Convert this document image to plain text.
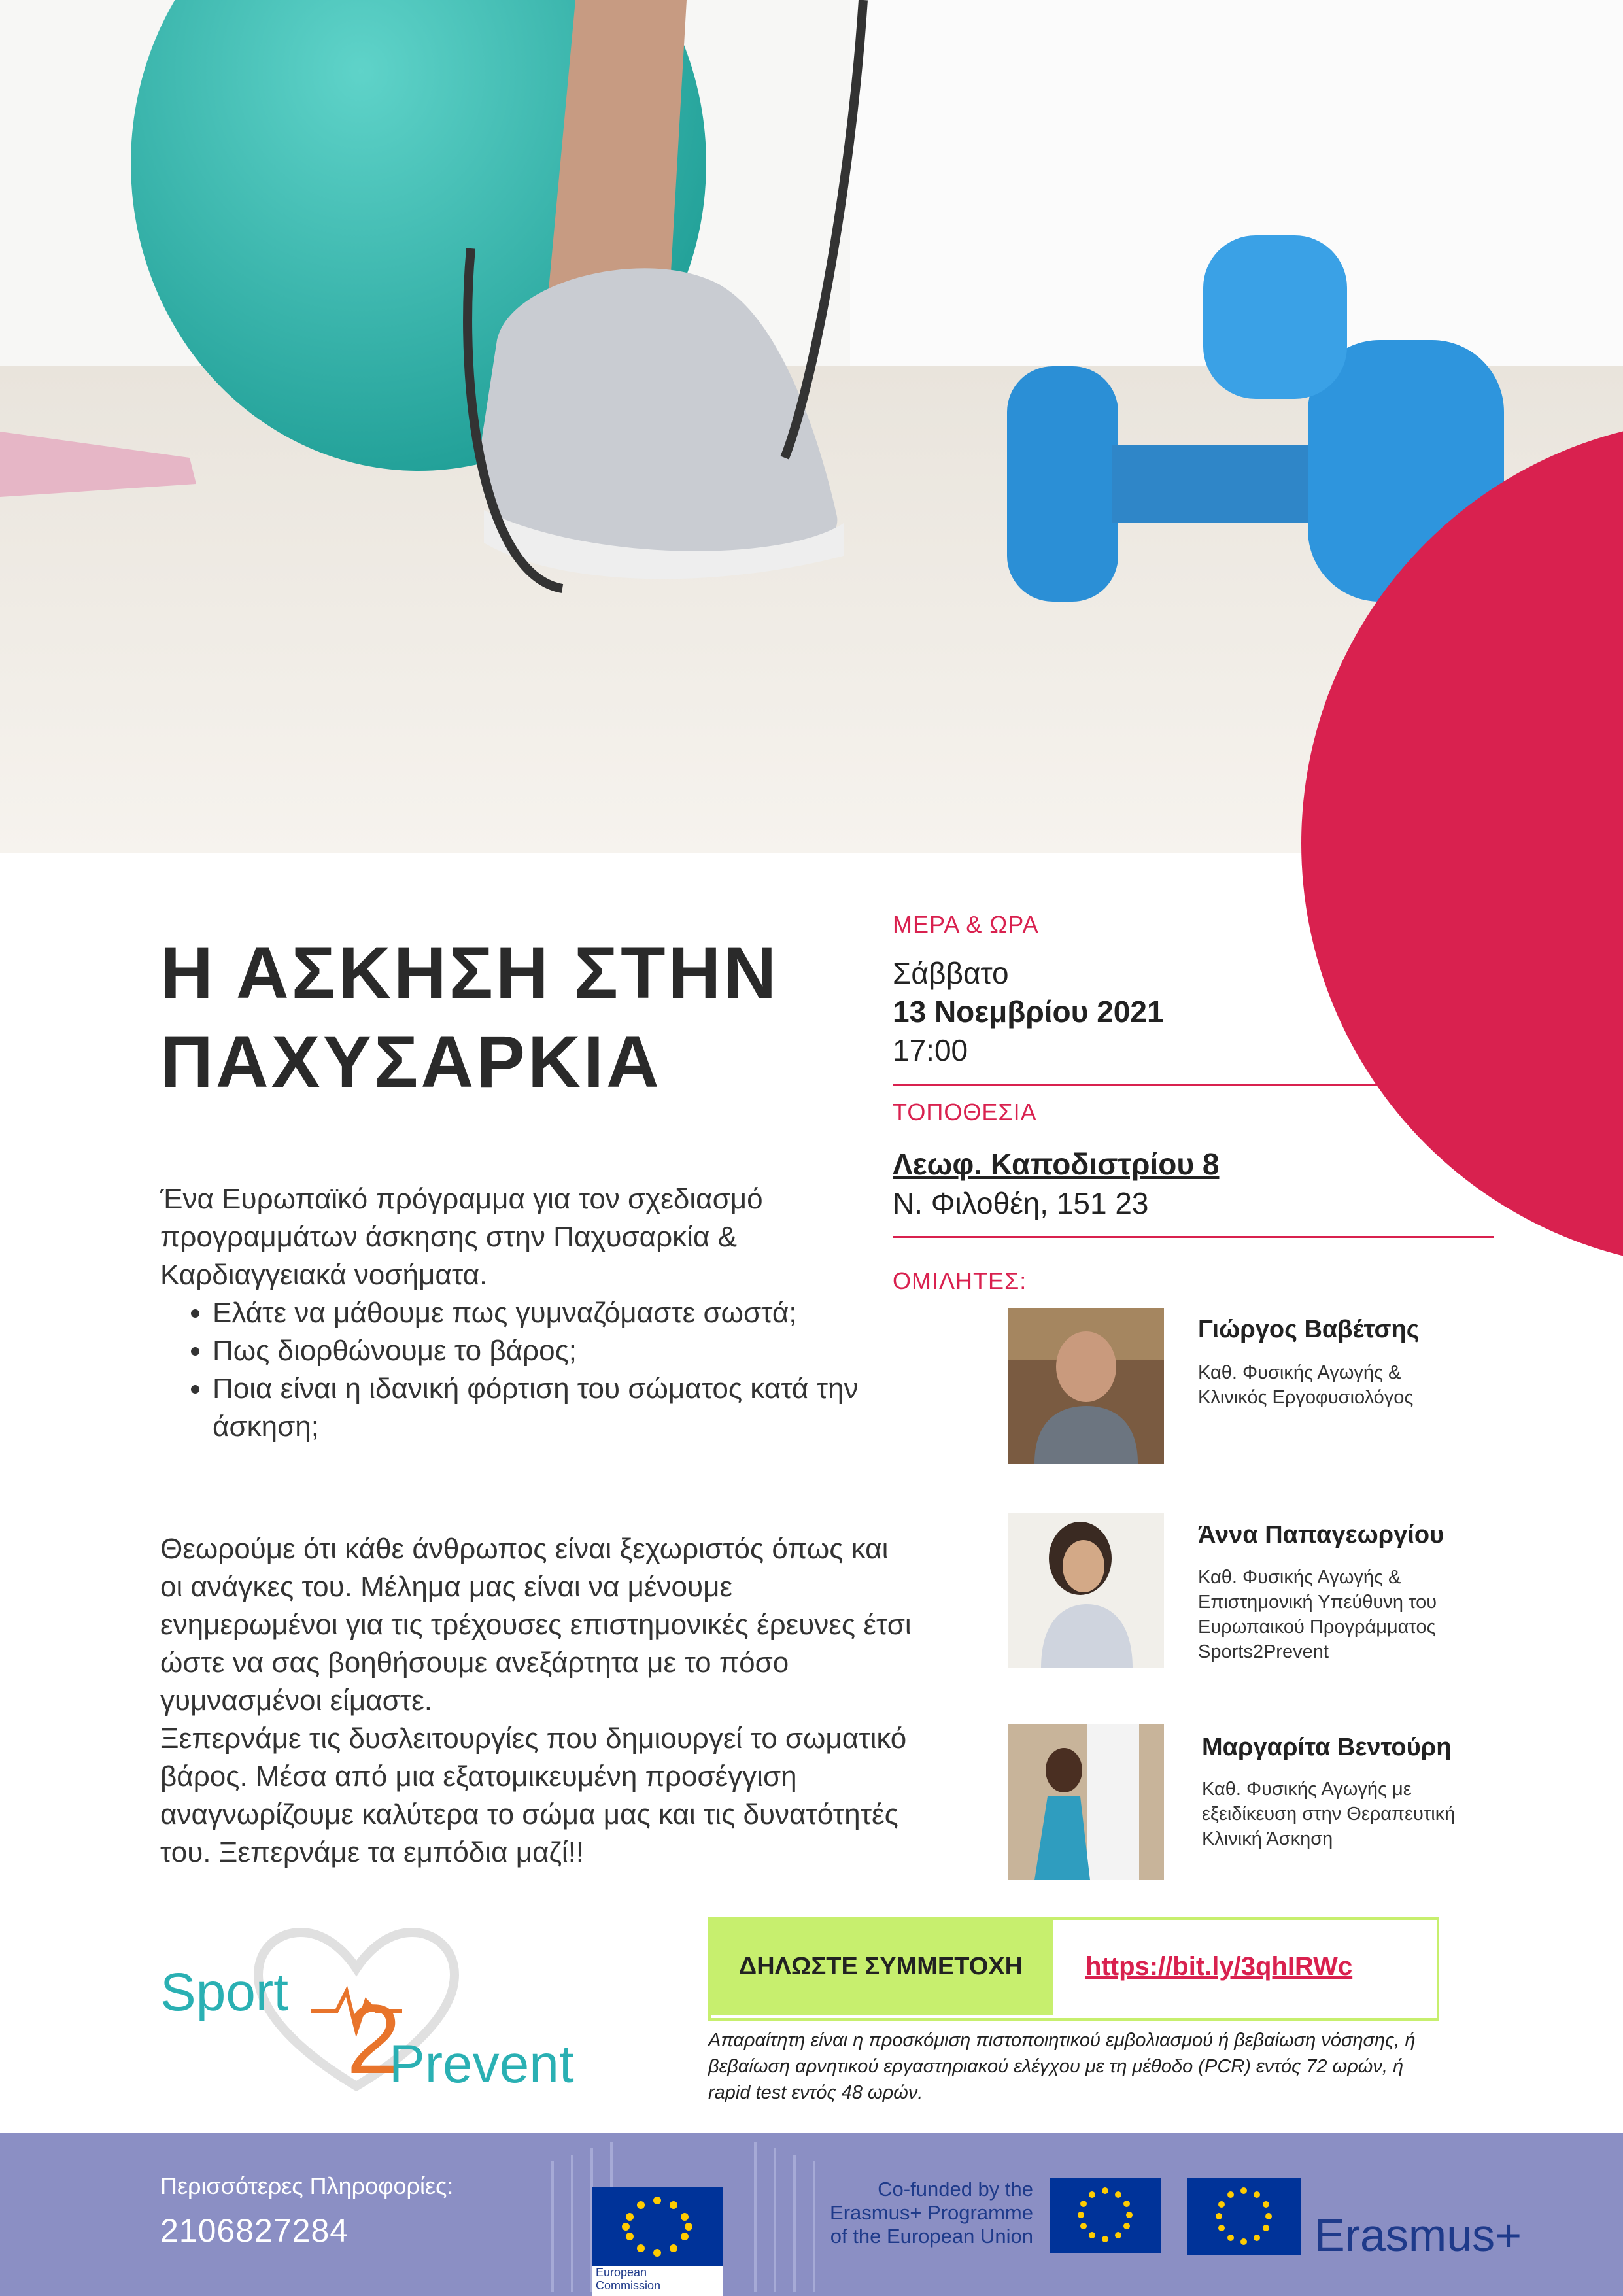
Η ΑΣΚΗΣΗ ΣΤΗΝ
ΠΑΧΥΣΑΡΚΙΑ
Ένα Ευρωπαϊκό πρόγραμμα για τον σχεδιασμό προγραμμάτων άσκησης στην Παχυσαρκία & Καρδιαγγειακά νοσήματα.
• Ελάτε να μάθουμε πως γυμναζόμαστε σωστά;
• Πως διορθώνουμε το βάρος;
• Ποια είναι η ιδανική φόρτιση του σώματος κατά την άσκηση;
Θεωρούμε ότι κάθε άνθρωπος είναι ξεχωριστός όπως και οι ανάγκες του. Μέλημα μας είναι να μένουμε ενημερωμένοι για τις τρέχουσες επιστημονικές έρευνες έτσι ώστε να σας βοηθήσουμε ανεξάρτητα με το πόσο γυμνασμένοι είμαστε.
Ξεπερνάμε τις δυσλειτουργίες που δημιουργεί το σωματικό βάρος. Μέσα από μια εξατομικευμένη προσέγγιση αναγνωρίζουμε καλύτερα το σώμα μας και τις δυνατότητές του. Ξεπερνάμε τα εμπόδια μαζί!!
ΜΕΡΑ & ΩΡΑ
Σάββατο
13 Νοεμβρίου 2021
17:00
ΤΟΠΟΘΕΣΙΑ
Λεωφ. Καποδιστρίου 8
Ν. Φιλοθέη, 151 23
ΟΜΙΛΗΤΕΣ:
Γιώργος Βαβέτσης
Καθ. Φυσικής Αγωγής &
Κλινικός Εργοφυσιολόγος
Άννα Παπαγεωργίου
Καθ. Φυσικής Αγωγής &
Επιστημονική Υπεύθυνη του
Ευρωπαικού Προγράμματος
Sports2Prevent
Μαργαρίτα Βεντούρη
Καθ. Φυσικής Αγωγής με
εξειδίκευση στην Θεραπευτική
Κλινική Άσκηση
2
Sport
Prevent
ΔΗΛΩΣΤΕ ΣΥΜΜΕΤΟΧΗ	https://bit.ly/3qhIRWc
Απαραίτητη είναι η προσκόμιση πιστοποιητικού εμβολιασμού ή βεβαίωση νόσησης, ή βεβαίωση αρνητικού εργαστηριακού ελέγχου με τη μέθοδο (PCR) εντός 72 ωρών, ή rapid test εντός 48 ωρών.
Περισσότερες Πληροφορίες:
2106827284
European
Commission
Co-funded by the
Erasmus+ Programme
of the European Union	Erasmus+
